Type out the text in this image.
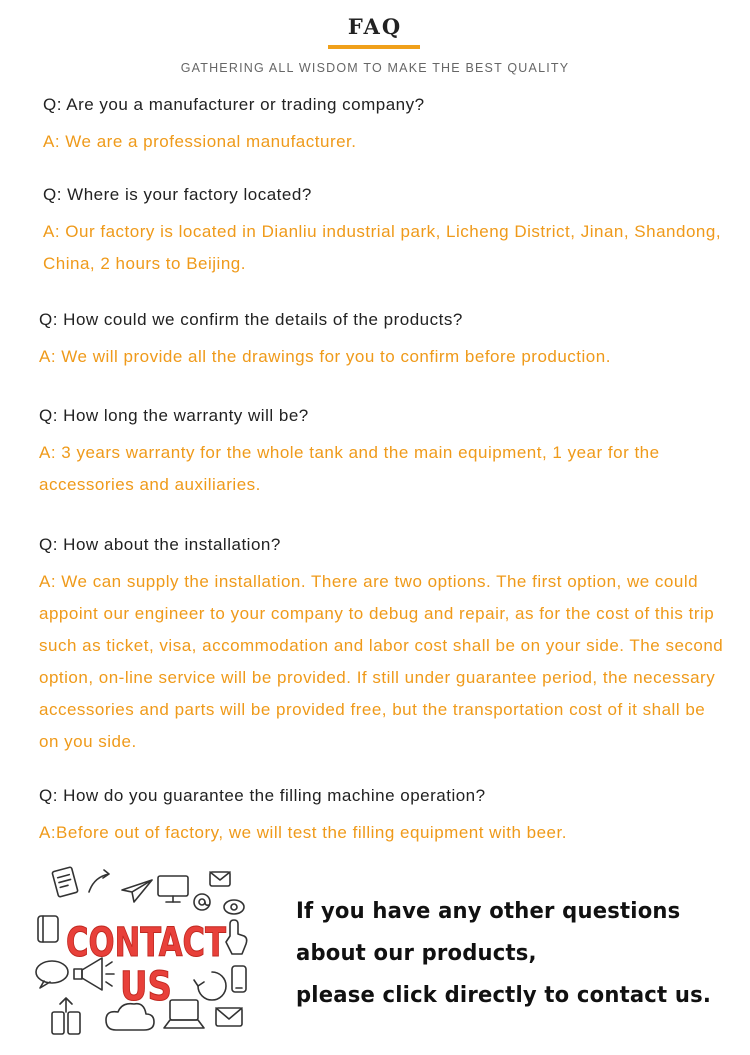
FAQ
GATHERING ALL WISDOM TO MAKE THE BEST QUALITY

Q: Are you a manufacturer or trading company?

A: We are a professional manufacturer.

Q: Where is your factory located?

A: Our factory is located in Dianliu industrial park, Licheng District, Jinan, Shandong, China, 2 hours to Beijing.

Q: How could we confirm the details of the products?

A: We will provide all the drawings for you to confirm before production.

Q: How long the warranty will be?

A: 3 years warranty for the whole tank and the main equipment, 1 year for the accessories and auxiliaries.

Q: How about the installation?

A: We can supply the installation. There are two options. The first option, we could appoint our engineer to your company to debug and repair, as for the cost of this trip such as ticket, visa, accommodation and labor cost shall be on your side. The second option, on-line service will be provided. If still under guarantee period, the necessary accessories and parts will be provided free, but the transportation cost of it shall be on you side.

Q: How do you guarantee the filling machine operation?

A:Before out of factory, we will test the filling equipment with beer.

CONTACT
US
If you have any other questions
about our products,
please click directly to contact us.
